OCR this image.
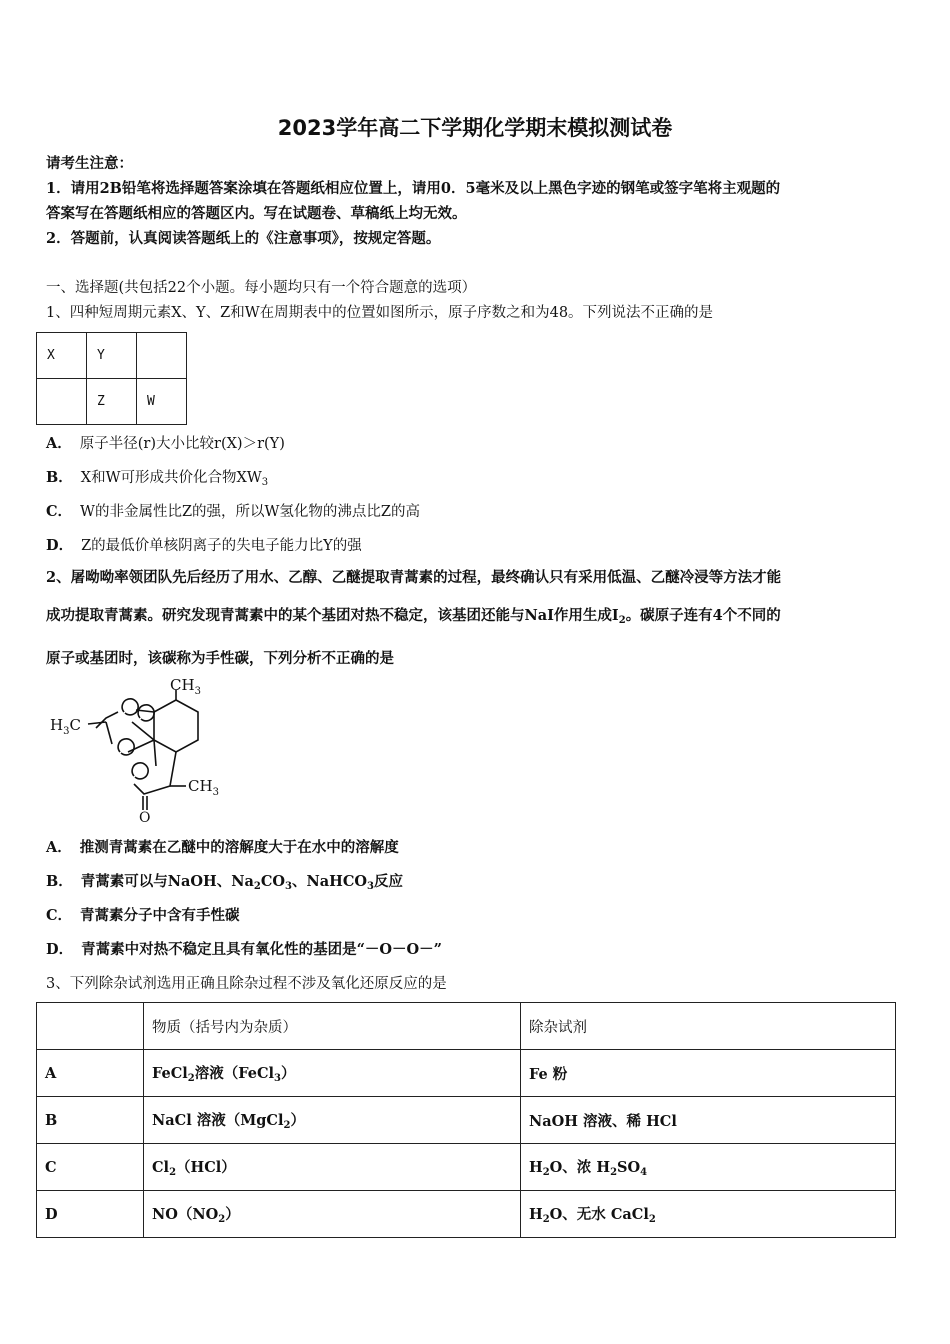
2023学年高二下学期化学期末模拟测试卷
请考生注意：
1．请用2B铅笔将选择题答案涂填在答题纸相应位置上，请用0．5毫米及以上黑色字迹的钢笔或签字笔将主观题的
答案写在答题纸相应的答题区内。写在试题卷、草稿纸上均无效。
2．答题前，认真阅读答题纸上的《注意事项》，按规定答题。
一、选择题(共包括22个小题。每小题均只有一个符合题意的选项）
1、四种短周期元素X、Y、Z和W在周期表中的位置如图所示，原子序数之和为48。下列说法不正确的是
X	Y	
	Z	W
A． 原子半径(r)大小比较r(X)＞r(Y)
B． X和W可形成共价化合物$XW_3$
C． W的非金属性比Z的强，所以W氢化物的沸点比Z的高
D． Z的最低价单核阴离子的失电子能力比Y的强
2、屠呦呦率领团队先后经历了用水、乙醇、乙醚提取青蒿素的过程，最终确认只有采用低温、乙醚冷浸等方法才能
成功提取青蒿素。研究发现青蒿素中的某个基团对热不稳定，该基团还能与NaI作用生成$I_2$。碳原子连有4个不同的
原子或基团时，该碳称为手性碳，下列分析不正确的是
$CH_3$
$H_3C$
$CH_3$
O
A． 推测青蒿素在乙醚中的溶解度大于在水中的溶解度
B． 青蒿素可以与NaOH、$Na_2CO_3$、NaHCO$_3$反应
C． 青蒿素分子中含有手性碳
D． 青蒿素中对热不稳定且具有氧化性的基团是“－O－O－”
3、下列除杂试剂选用正确且除杂过程不涉及氧化还原反应的是
	物质（括号内为杂质）	除杂试剂
A	FeCl$_2$溶液（FeCl$_3$）	Fe 粉
B	NaCl 溶液（MgCl$_2$）	NaOH 溶液、稀 HCl
C	$Cl_2(HCl)$	$H_2O$、浓 $H_2SO_4$
D	$NO(NO_2)$	$H_2O$、无水 CaCl$_2$
